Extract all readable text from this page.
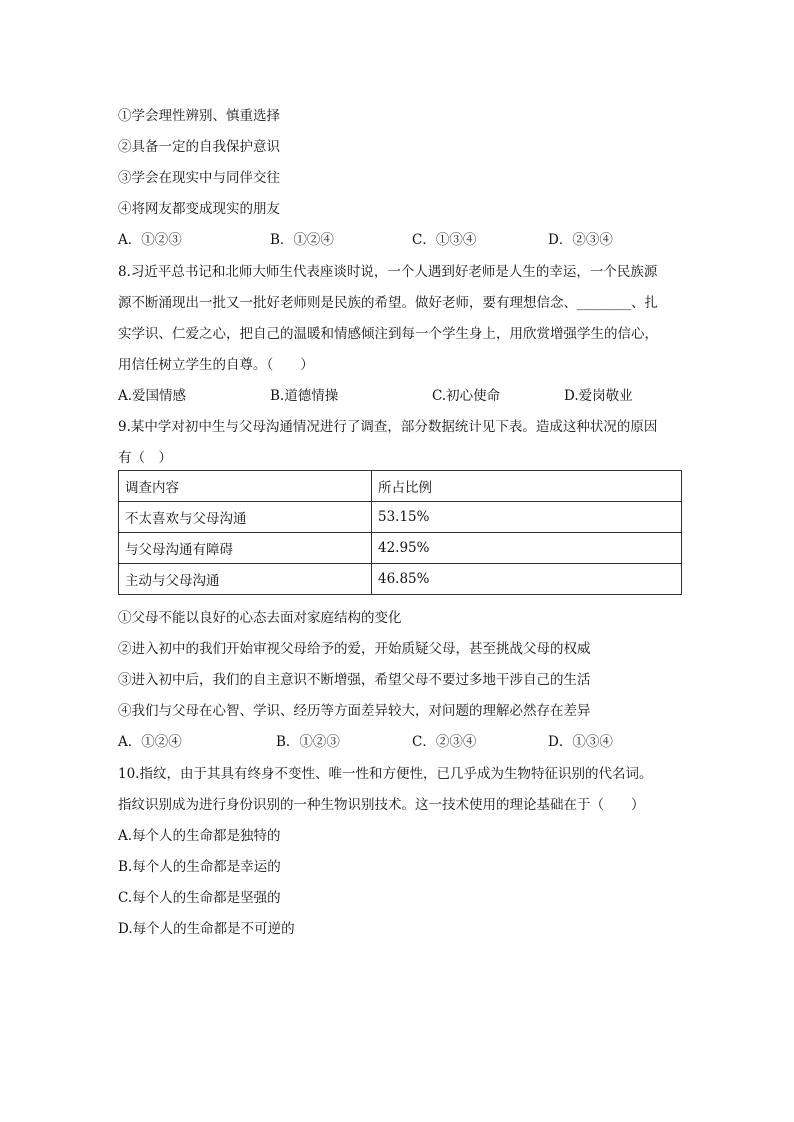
①学会理性辨别、慎重选择
②具备一定的自我保护意识
③学会在现实中与同伴交往
④将网友都变成现实的朋友
A．①②③	B．①②④	C．①③④	D．②③④
8.习近平总书记和北师大师生代表座谈时说，一个人遇到好老师是人生的幸运，一个民族源
源不断涌现出一批又一批好老师则是民族的希望。做好老师，要有理想信念、________、扎
实学识、仁爱之心，把自己的温暖和情感倾注到每一个学生身上，用欣赏增强学生的信心，
用信任树立学生的自尊。（　　）
A.爱国情感	B.道德情操	C.初心使命	D.爱岗敬业
9.某中学对初中生与父母沟通情况进行了调查，部分数据统计见下表。造成这种状况的原因
有（　）
调查内容	所占比例
不太喜欢与父母沟通	53.15%
与父母沟通有障碍	42.95%
主动与父母沟通	46.85%
①父母不能以良好的心态去面对家庭结构的变化
②进入初中的我们开始审视父母给予的爱，开始质疑父母，甚至挑战父母的权威
③进入初中后，我们的自主意识不断增强，希望父母不要过多地干涉自己的生活
④我们与父母在心智、学识、经历等方面差异较大，对问题的理解必然存在差异
A．①②④	B．①②③	C．②③④	D．①③④
10.指纹，由于其具有终身不变性、唯一性和方便性，已几乎成为生物特征识别的代名词。
指纹识别成为进行身份识别的一种生物识别技术。这一技术使用的理论基础在于（　　）
A.每个人的生命都是独特的
B.每个人的生命都是幸运的
C.每个人的生命都是坚强的
D.每个人的生命都是不可逆的
